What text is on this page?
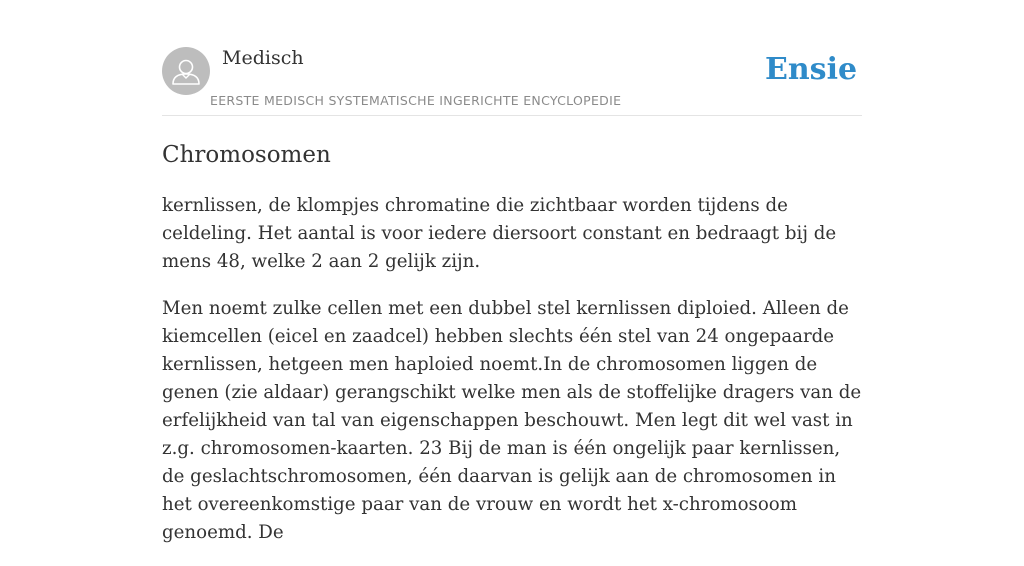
Medisch
EERSTE MEDISCH SYSTEMATISCHE INGERICHTE ENCYCLOPEDIE
Ensie
Chromosomen

kernlissen, de klompjes chromatine die zichtbaar worden tijdens de celdeling. Het aantal is voor iedere diersoort constant en bedraagt bij de mens 48, welke 2 aan 2 gelijk zijn.

Men noemt zulke cellen met een dubbel stel kernlissen diploied. Alleen de kiemcellen (eicel en zaadcel) hebben slechts één stel van 24 ongepaarde kernlissen, hetgeen men haploied noemt.In de chromosomen liggen de genen (zie aldaar) gerangschikt welke men als de stoffelijke dragers van de erfelijkheid van tal van eigenschappen beschouwt. Men legt dit wel vast in z.g. chromosomen-kaarten. 23 Bij de man is één ongelijk paar kernlissen, de geslachtschromosomen, één daarvan is gelijk aan de chromosomen in het overeenkomstige paar van de vrouw en wordt het x-chromosoom genoemd. De
